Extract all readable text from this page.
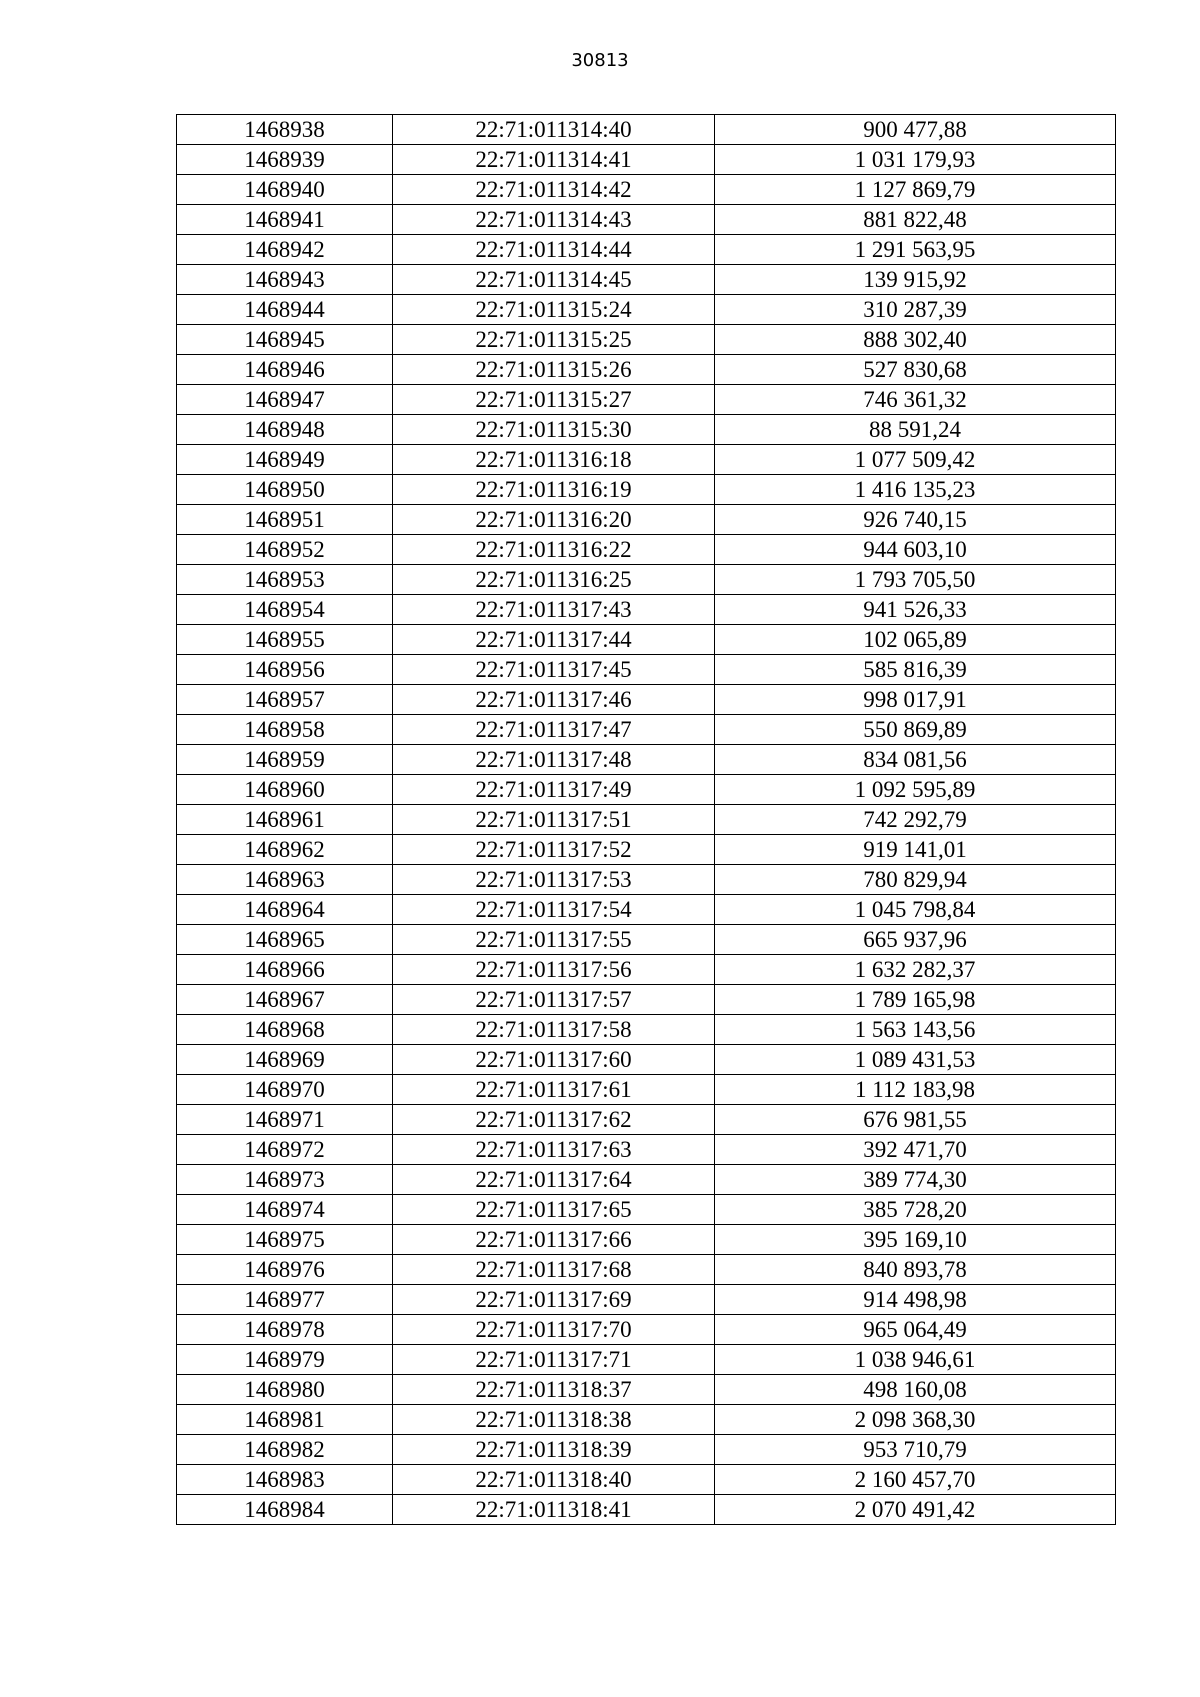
30813
1468938	22:71:011314:40	900 477,88
1468939	22:71:011314:41	1 031 179,93
1468940	22:71:011314:42	1 127 869,79
1468941	22:71:011314:43	881 822,48
1468942	22:71:011314:44	1 291 563,95
1468943	22:71:011314:45	139 915,92
1468944	22:71:011315:24	310 287,39
1468945	22:71:011315:25	888 302,40
1468946	22:71:011315:26	527 830,68
1468947	22:71:011315:27	746 361,32
1468948	22:71:011315:30	88 591,24
1468949	22:71:011316:18	1 077 509,42
1468950	22:71:011316:19	1 416 135,23
1468951	22:71:011316:20	926 740,15
1468952	22:71:011316:22	944 603,10
1468953	22:71:011316:25	1 793 705,50
1468954	22:71:011317:43	941 526,33
1468955	22:71:011317:44	102 065,89
1468956	22:71:011317:45	585 816,39
1468957	22:71:011317:46	998 017,91
1468958	22:71:011317:47	550 869,89
1468959	22:71:011317:48	834 081,56
1468960	22:71:011317:49	1 092 595,89
1468961	22:71:011317:51	742 292,79
1468962	22:71:011317:52	919 141,01
1468963	22:71:011317:53	780 829,94
1468964	22:71:011317:54	1 045 798,84
1468965	22:71:011317:55	665 937,96
1468966	22:71:011317:56	1 632 282,37
1468967	22:71:011317:57	1 789 165,98
1468968	22:71:011317:58	1 563 143,56
1468969	22:71:011317:60	1 089 431,53
1468970	22:71:011317:61	1 112 183,98
1468971	22:71:011317:62	676 981,55
1468972	22:71:011317:63	392 471,70
1468973	22:71:011317:64	389 774,30
1468974	22:71:011317:65	385 728,20
1468975	22:71:011317:66	395 169,10
1468976	22:71:011317:68	840 893,78
1468977	22:71:011317:69	914 498,98
1468978	22:71:011317:70	965 064,49
1468979	22:71:011317:71	1 038 946,61
1468980	22:71:011318:37	498 160,08
1468981	22:71:011318:38	2 098 368,30
1468982	22:71:011318:39	953 710,79
1468983	22:71:011318:40	2 160 457,70
1468984	22:71:011318:41	2 070 491,42
